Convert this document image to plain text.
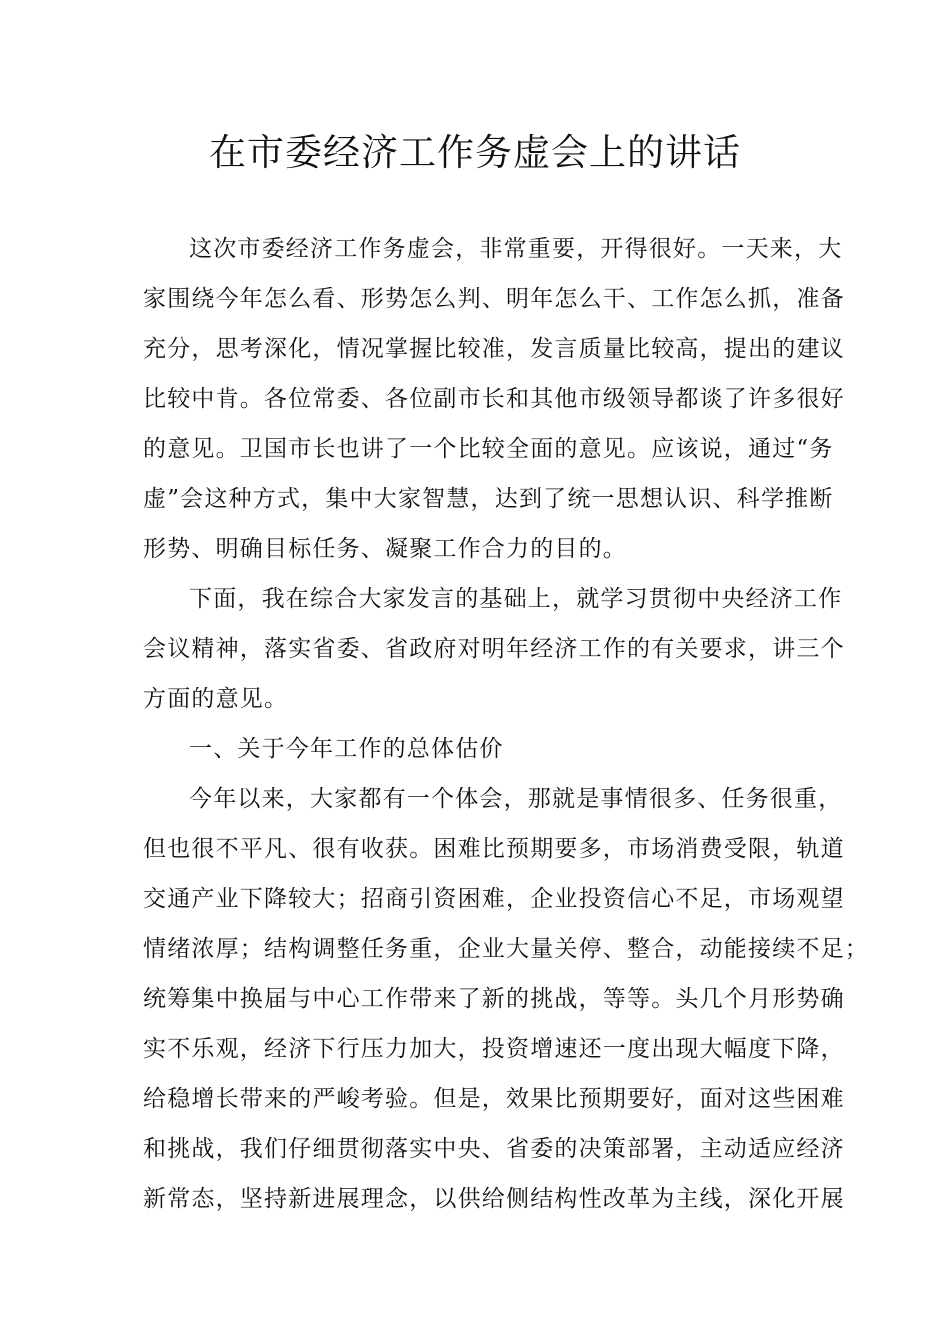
在市委经济工作务虚会上的讲话
这次市委经济工作务虚会，非常重要，开得很好。一天来，大
家围绕今年怎么看、形势怎么判、明年怎么干、工作怎么抓，准备
充分，思考深化，情况掌握比较准，发言质量比较高，提出的建议
比较中肯。各位常委、各位副市长和其他市级领导都谈了许多很好
的意见。卫国市长也讲了一个比较全面的意见。应该说，通过“务
虚”会这种方式，集中大家智慧，达到了统一思想认识、科学推断
形势、明确目标任务、凝聚工作合力的目的。
下面，我在综合大家发言的基础上，就学习贯彻中央经济工作
会议精神，落实省委、省政府对明年经济工作的有关要求，讲三个
方面的意见。
一、关于今年工作的总体估价
今年以来，大家都有一个体会，那就是事情很多、任务很重，
但也很不平凡、很有收获。困难比预期要多，市场消费受限，轨道
交通产业下降较大；招商引资困难，企业投资信心不足，市场观望
情绪浓厚；结构调整任务重，企业大量关停、整合，动能接续不足；
统筹集中换届与中心工作带来了新的挑战，等等。头几个月形势确
实不乐观，经济下行压力加大，投资增速还一度出现大幅度下降，
给稳增长带来的严峻考验。但是，效果比预期要好，面对这些困难
和挑战，我们仔细贯彻落实中央、省委的决策部署，主动适应经济
新常态，坚持新进展理念，以供给侧结构性改革为主线，深化开展
